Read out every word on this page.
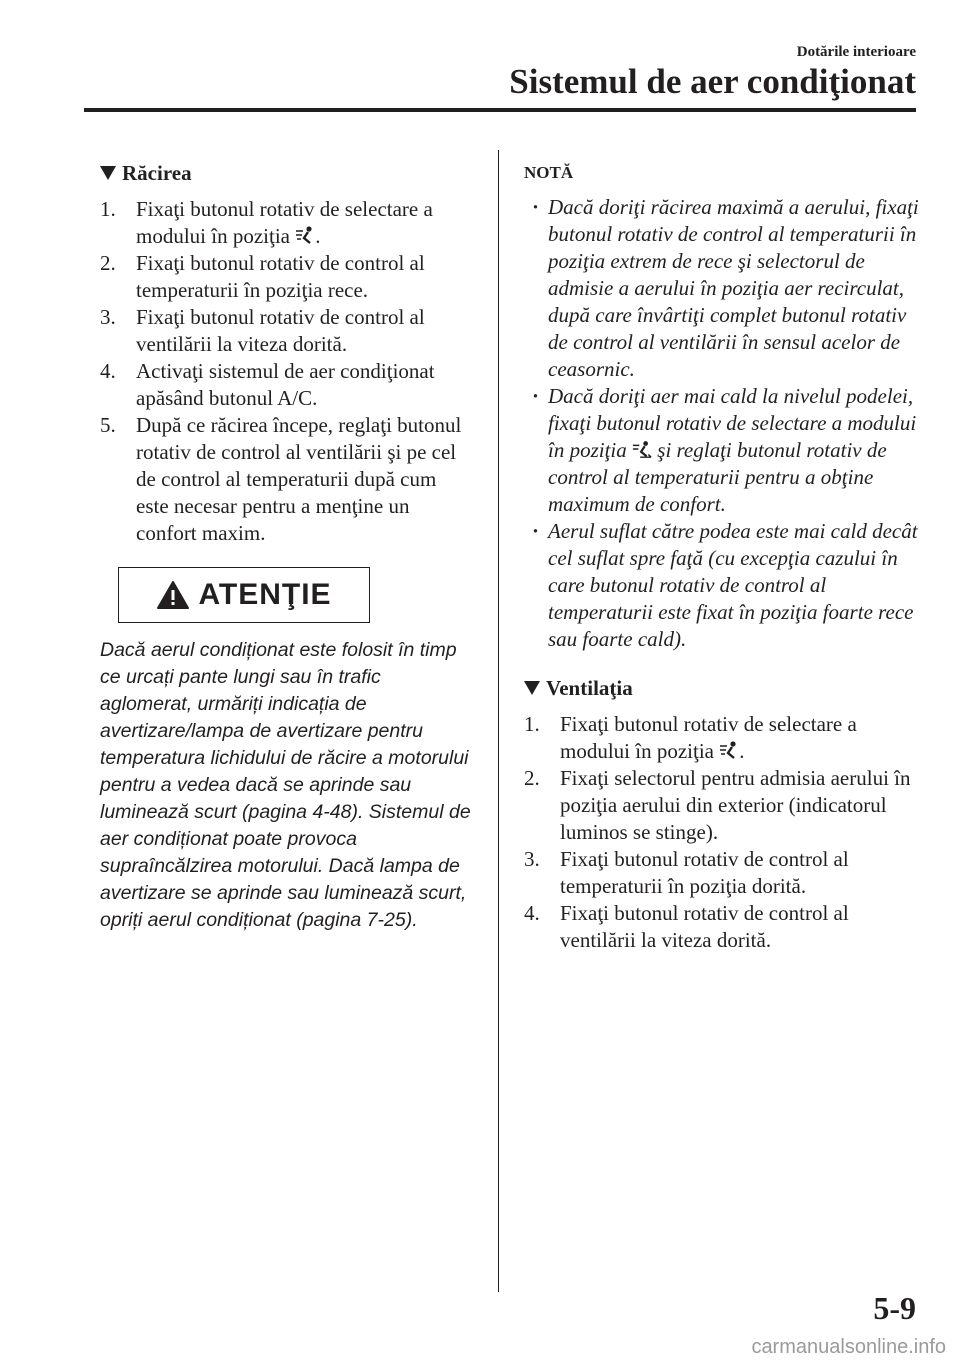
Dotările interioare
Sistemul de aer condiţionat
Răcirea
1. Fixaţi butonul rotativ de selectare a modului în poziţia .
2. Fixaţi butonul rotativ de control al temperaturii în poziţia rece.
3. Fixaţi butonul rotativ de control al ventilării la viteza dorită.
4. Activaţi sistemul de aer condiţionat apăsând butonul A/C.
5. După ce răcirea începe, reglaţi butonul rotativ de control al ventilării şi pe cel de control al temperaturii după cum este necesar pentru a menţine un confort maxim.
ATENŢIE
Dacă aerul condiționat este folosit în timp ce urcați pante lungi sau în trafic aglomerat, urmăriți indicația de avertizare/lampa de avertizare pentru temperatura lichidului de răcire a motorului pentru a vedea dacă se aprinde sau luminează scurt (pagina 4-48). Sistemul de aer condiționat poate provoca supraîncălzirea motorului. Dacă lampa de avertizare se aprinde sau luminează scurt, opriți aerul condiționat (pagina 7-25).
NOTĂ
· Dacă doriţi răcirea maximă a aerului, fixaţi butonul rotativ de control al temperaturii în poziţia extrem de rece şi selectorul de admisie a aerului în poziţia aer recirculat, după care învârtiţi complet butonul rotativ de control al ventilării în sensul acelor de ceasornic.
· Dacă doriţi aer mai cald la nivelul podelei, fixaţi butonul rotativ de selectare a modului în poziţia şi reglaţi butonul rotativ de control al temperaturii pentru a obţine maximum de confort.
· Aerul suflat către podea este mai cald decât cel suflat spre faţă (cu excepţia cazului în care butonul rotativ de control al temperaturii este fixat în poziţia foarte rece sau foarte cald).
Ventilaţia
1. Fixaţi butonul rotativ de selectare a modului în poziţia .
2. Fixaţi selectorul pentru admisia aerului în poziţia aerului din exterior (indicatorul luminos se stinge).
3. Fixaţi butonul rotativ de control al temperaturii în poziţia dorită.
4. Fixaţi butonul rotativ de control al ventilării la viteza dorită.
5-9
carmanualsonline.info
